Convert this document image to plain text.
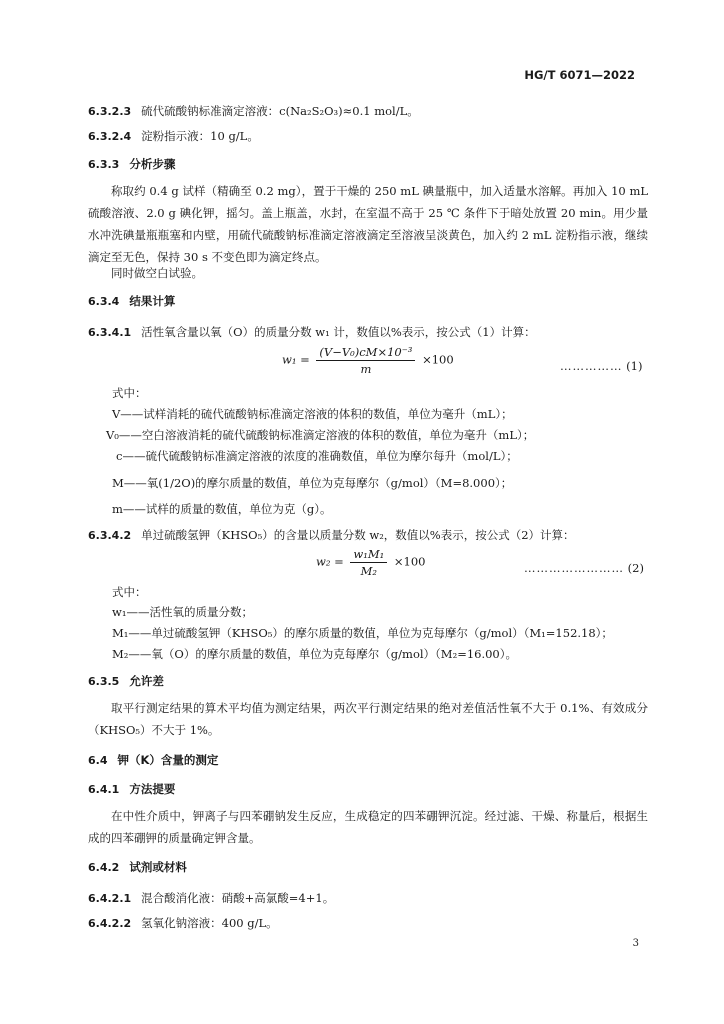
HG/T 6071—2022
6.3.2.3 硫代硫酸钠标准滴定溶液：c(Na₂S₂O₃)≈0.1 mol/L。
6.3.2.4 淀粉指示液：10 g/L。
6.3.3 分析步骤
称取约 0.4 g 试样（精确至 0.2 mg），置于干燥的 250 mL 碘量瓶中，加入适量水溶解。再加入 10 mL 硫酸溶液、2.0 g 碘化钾，摇匀。盖上瓶盖，水封，在室温不高于 25 ℃ 条件下于暗处放置 20 min。用少量水冲洗碘量瓶瓶塞和内壁，用硫代硫酸钠标准滴定溶液滴定至溶液呈淡黄色，加入约 2 mL 淀粉指示液，继续滴定至无色，保持 30 s 不变色即为滴定终点。
同时做空白试验。
6.3.4 结果计算
6.3.4.1 活性氧含量以氧（O）的质量分数 w₁ 计，数值以%表示，按公式（1）计算：
$w_1 = \frac{\text{(V−V₀)cM×10⁻³}}{m} \times 100$	…………… (1)
式中：
V——试样消耗的硫代硫酸钠标准滴定溶液的体积的数值，单位为毫升（mL）；
V₀——空白溶液消耗的硫代硫酸钠标准滴定溶液的体积的数值，单位为毫升（mL）；
c——硫代硫酸钠标准滴定溶液的浓度的准确数值，单位为摩尔每升（mol/L）；
M——氧(1/2O)的摩尔质量的数值，单位为克每摩尔（g/mol）（M=8.000）；
m——试样的质量的数值，单位为克（g）。
6.3.4.2 单过硫酸氢钾（KHSO₅）的含量以质量分数 w₂，数值以%表示，按公式（2）计算：
$w_2 = \frac{\text{w₁M₁}}{\text{M₂}} \times 100$	…………………… (2)
式中：
w₁——活性氧的质量分数；
M₁——单过硫酸氢钾（KHSO₅）的摩尔质量的数值，单位为克每摩尔（g/mol）（M₁=152.18）；
M₂——氧（O）的摩尔质量的数值，单位为克每摩尔（g/mol）（M₂=16.00）。
6.3.5 允许差
取平行测定结果的算术平均值为测定结果，两次平行测定结果的绝对差值活性氧不大于 0.1%、有效成分（KHSO₅）不大于 1%。
6.4 钾（K）含量的测定
6.4.1 方法提要
在中性介质中，钾离子与四苯硼钠发生反应，生成稳定的四苯硼钾沉淀。经过滤、干燥、称量后，根据生成的四苯硼钾的质量确定钾含量。
6.4.2 试剂或材料
6.4.2.1 混合酸消化液：硝酸+高氯酸=4+1。
6.4.2.2 氢氧化钠溶液：400 g/L。
3
